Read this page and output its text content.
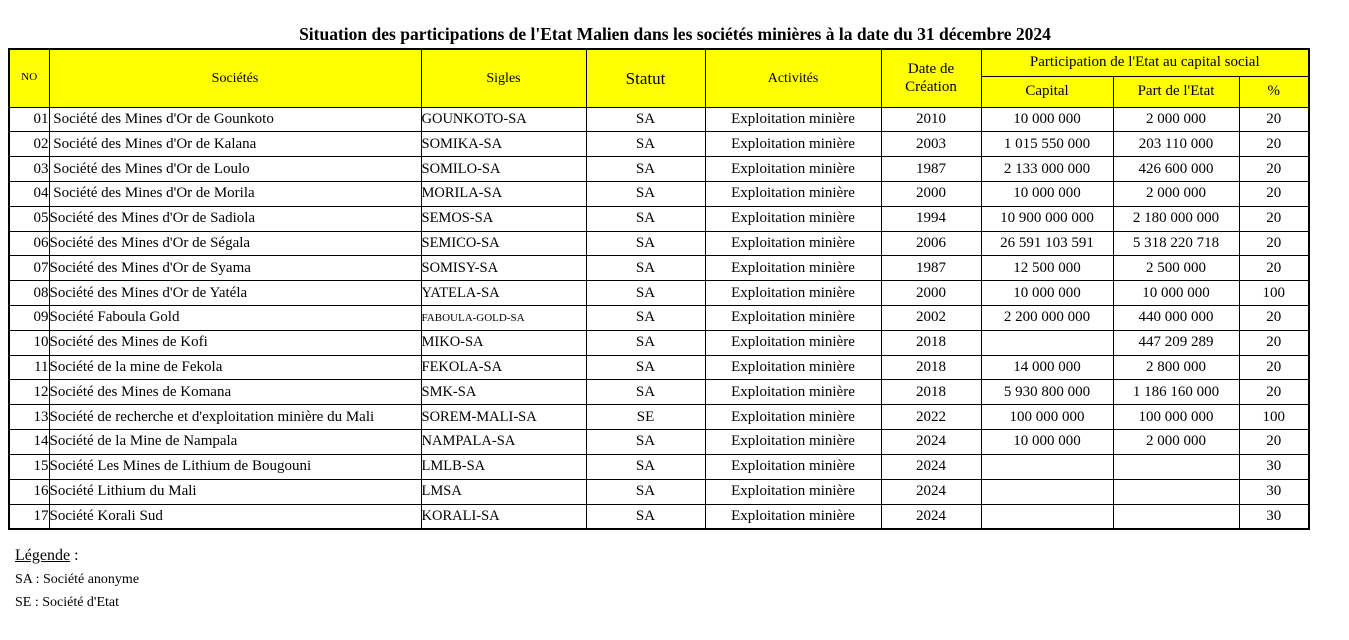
Situation des participations de l'Etat Malien dans les sociétés minières à la date du 31 décembre 2024
NO	Sociétés	Sigles	Statut	Activités	Date de Création	Participation de l'Etat au capital social		
						Capital	Part de l'Etat	%
01	Société des Mines d'Or de Gounkoto	GOUNKOTO-SA	SA	Exploitation minière	2010	10 000 000	2 000 000	20
02	Société des Mines d'Or de Kalana	SOMIKA-SA	SA	Exploitation minière	2003	1 015 550 000	203 110 000	20
03	Société des Mines d'Or de Loulo	SOMILO-SA	SA	Exploitation minière	1987	2 133 000 000	426 600 000	20
04	Société des Mines d'Or de Morila	MORILA-SA	SA	Exploitation minière	2000	10 000 000	2 000 000	20
05	Société des Mines d'Or de Sadiola	SEMOS-SA	SA	Exploitation minière	1994	10 900 000 000	2 180 000 000	20
06	Société des Mines d'Or de Ségala	SEMICO-SA	SA	Exploitation minière	2006	26 591 103 591	5 318 220 718	20
07	Société des Mines d'Or de Syama	SOMISY-SA	SA	Exploitation minière	1987	12 500 000	2 500 000	20
08	Société des Mines d'Or de Yatéla	YATELA-SA	SA	Exploitation minière	2000	10 000 000	10 000 000	100
09	Société Faboula Gold	FABOULA-GOLD-SA	SA	Exploitation minière	2002	2 200 000 000	440 000 000	20
10	Société des Mines de Kofi	MIKO-SA	SA	Exploitation minière	2018		447 209 289	20
11	Société de la mine de Fekola	FEKOLA-SA	SA	Exploitation minière	2018	14 000 000	2 800 000	20
12	Société des Mines de Komana	SMK-SA	SA	Exploitation minière	2018	5 930 800 000	1 186 160 000	20
13	Société de recherche et d'exploitation minière du Mali	SOREM-MALI-SA	SE	Exploitation minière	2022	100 000 000	100 000 000	100
14	Société de la Mine de Nampala	NAMPALA-SA	SA	Exploitation minière	2024	10 000 000	2 000 000	20
15	Société Les Mines de Lithium de Bougouni	LMLB-SA	SA	Exploitation minière	2024			30
16	Société Lithium du Mali	LMSA	SA	Exploitation minière	2024			30
17	Société Korali Sud	KORALI-SA	SA	Exploitation minière	2024			30
Légende :
SA : Société anonyme
SE : Société d'Etat
